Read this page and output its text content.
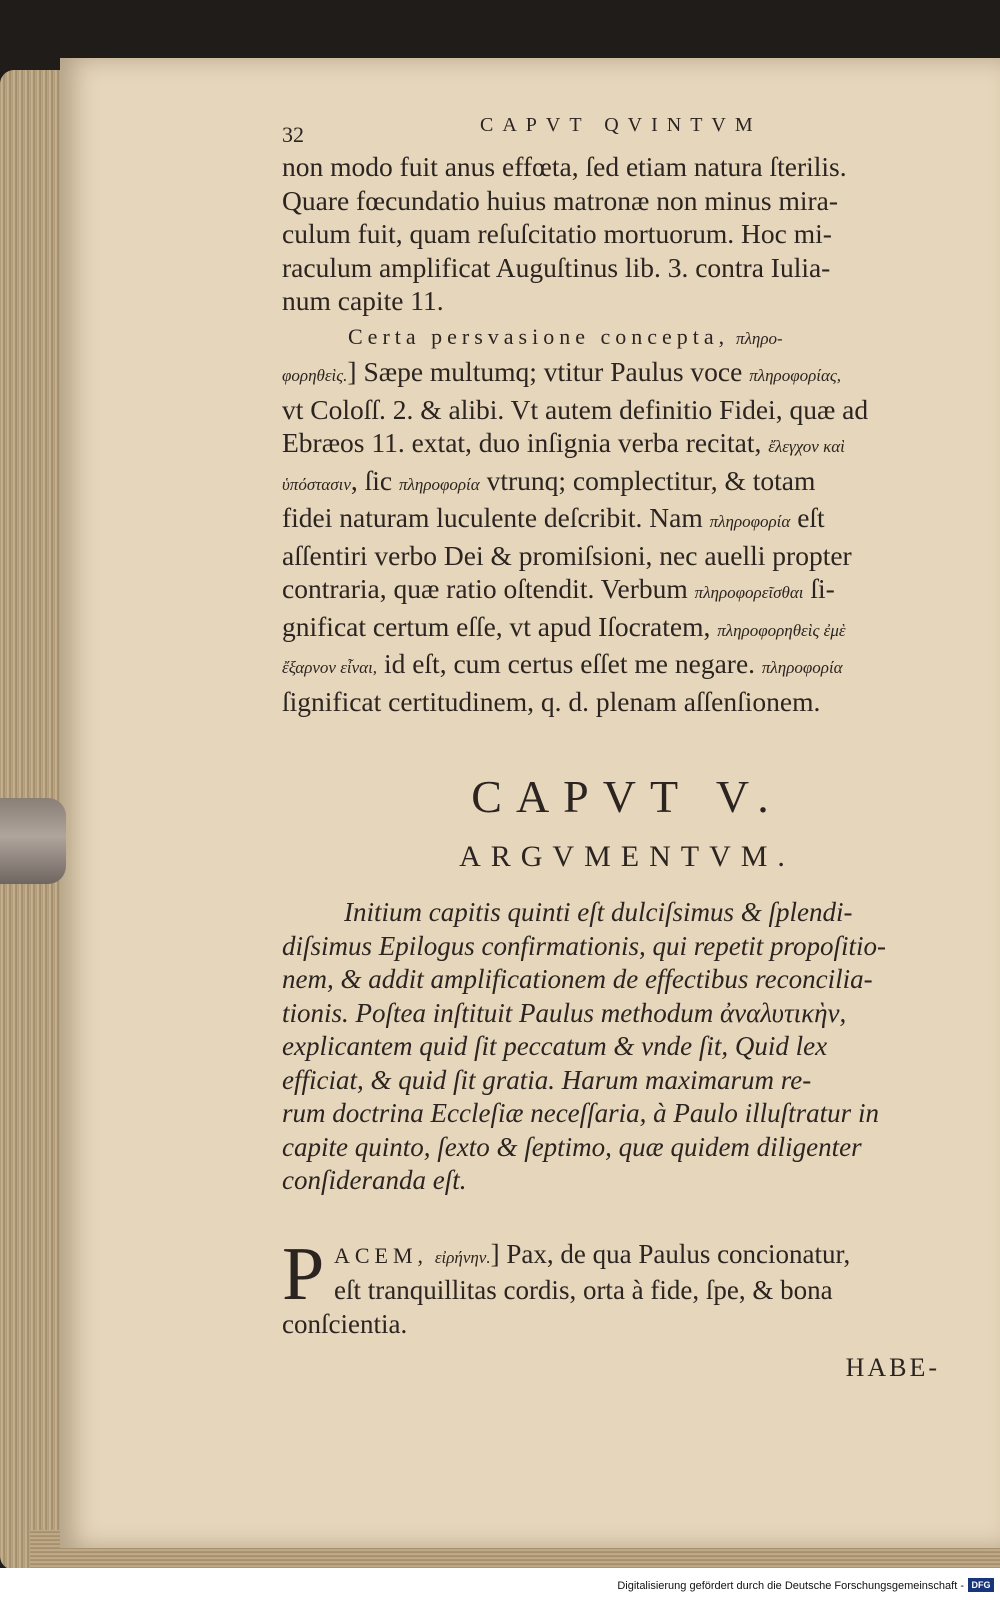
32	CAPVT QVINTVM

non modo fuit anus effœta, ſed etiam natura ſterilis.
Quare fœcundatio huius matronæ non minus mira-
culum fuit, quam reſuſcitatio mortuorum. Hoc mi-
raculum amplificat Auguſtinus lib. 3. contra Iulia-
num capite 11.

Certa persvasione concepta, πληρο-
φορηθεὶς.] Sæpe multumq; vtitur Paulus voce πληροφορίας,
vt Coloſſ. 2. & alibi. Vt autem definitio Fidei, quæ ad
Ebræos 11. extat, duo inſignia verba recitat, ἔλεγχον καὶ
ὑπόστασιν, ſic πληροφορία vtrunq; complectitur, & totam
fidei naturam luculente deſcribit. Nam πληροφορία eſt
aſſentiri verbo Dei & promiſsioni, nec auelli propter
contraria, quæ ratio oſtendit. Verbum πληροφορεῖσθαι ſi-
gnificat certum eſſe, vt apud Iſocratem, πληροφορηθεὶς ἐμὲ
ἔξαρνον εἶναι, id eſt, cum certus eſſet me negare. πληροφορία
ſignificat certitudinem, q. d. plenam aſſenſionem.

CAPVT V.
ARGVMENTVM.

Initium capitis quinti eſt dulciſsimus & ſplendi-
diſsimus Epilogus confirmationis, qui repetit propoſitio-
nem, & addit amplificationem de effectibus reconcilia-
tionis. Poſtea inſtituit Paulus methodum ἀναλυτικὴν,
explicantem quid ſit peccatum & vnde ſit, Quid lex
efficiat, & quid ſit gratia. Harum maximarum re-
rum doctrina Eccleſiæ neceſſaria, à Paulo illuſtratur in
capite quinto, ſexto & ſeptimo, quæ quidem diligenter
conſideranda eſt.

P ACEM, εἰρήνην.] Pax, de qua Paulus concionatur,
eſt tranquillitas cordis, orta à fide, ſpe, & bona
conſcientia.
HABE-
Digitalisierung gefördert durch die Deutsche Forschungsgemeinschaft - DFG
